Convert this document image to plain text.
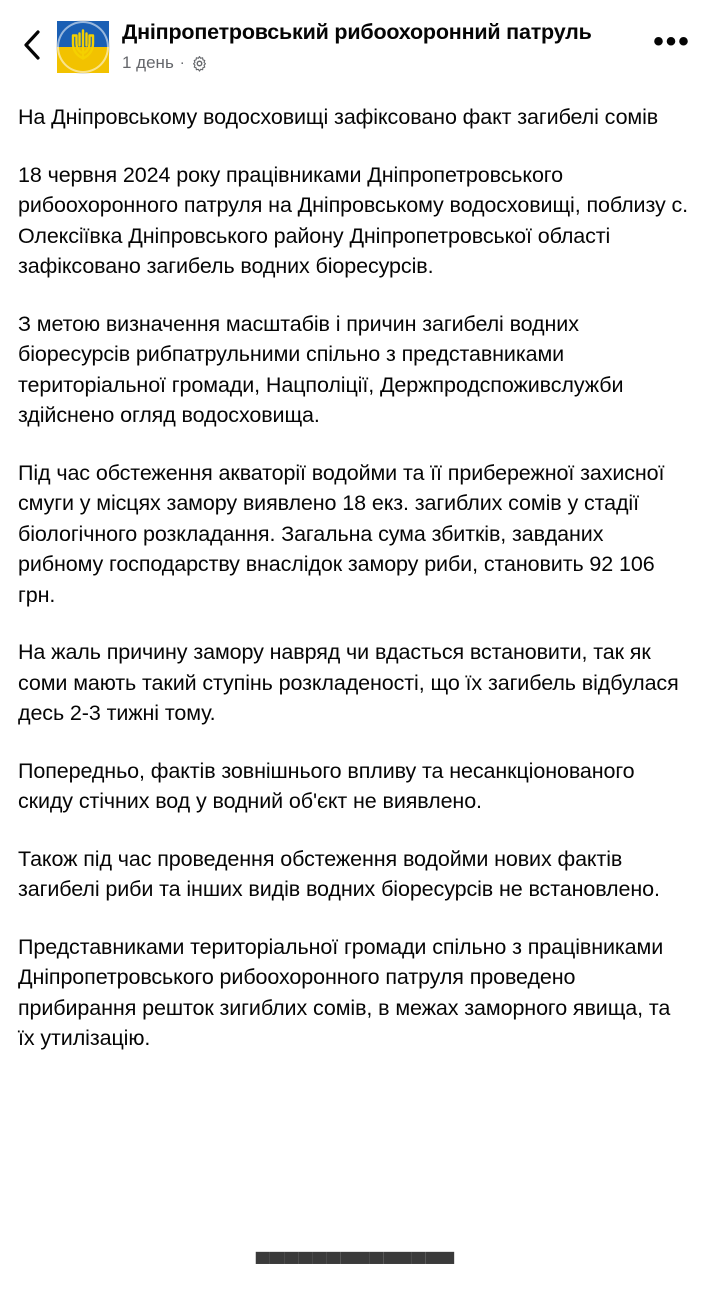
Дніпропетровський рибоохоронний патруль
1 день ·
•••

На Дніпровському водосховищі зафіксовано факт загибелі сомів

18 червня 2024 року працівниками Дніпропетровського рибоохоронного патруля на Дніпровському водосховищі, поблизу с. Олексіївка Дніпровського району Дніпропетровської області зафіксовано загибель водних біоресурсів.

З метою визначення масштабів і причин загибелі водних біоресурсів рибпатрульними спільно з представниками територіальної громади, Нацполіції, Держпродспоживслужби здійснено огляд водосховища.

Під час обстеження акваторії водойми та її прибережної захисної смуги у місцях замору виявлено 18 екз. загиблих сомів у стадії біологічного розкладання. Загальна сума збитків, завданих рибному господарству внаслідок замору риби, становить 92 106 грн.

На жаль причину замору навряд чи вдасться встановити, так як соми мають такий ступінь розкладеності, що їх загибель відбулася десь 2-3 тижні тому.

Попередньо, фактів зовнішнього впливу та несанкціонованого скиду стічних вод у водний об'єкт не виявлено.

Також під час проведення обстеження водойми нових фактів загибелі риби та інших видів водних біоресурсів не встановлено.

Представниками територіальної громади спільно з працівниками Дніпропетровського рибоохоронного патруля проведено прибирання решток зигиблих сомів, в межах заморного явища, та їх утилізацію.

▀▀▀▀▀▀▀▀▀▀▀▀▀▀
